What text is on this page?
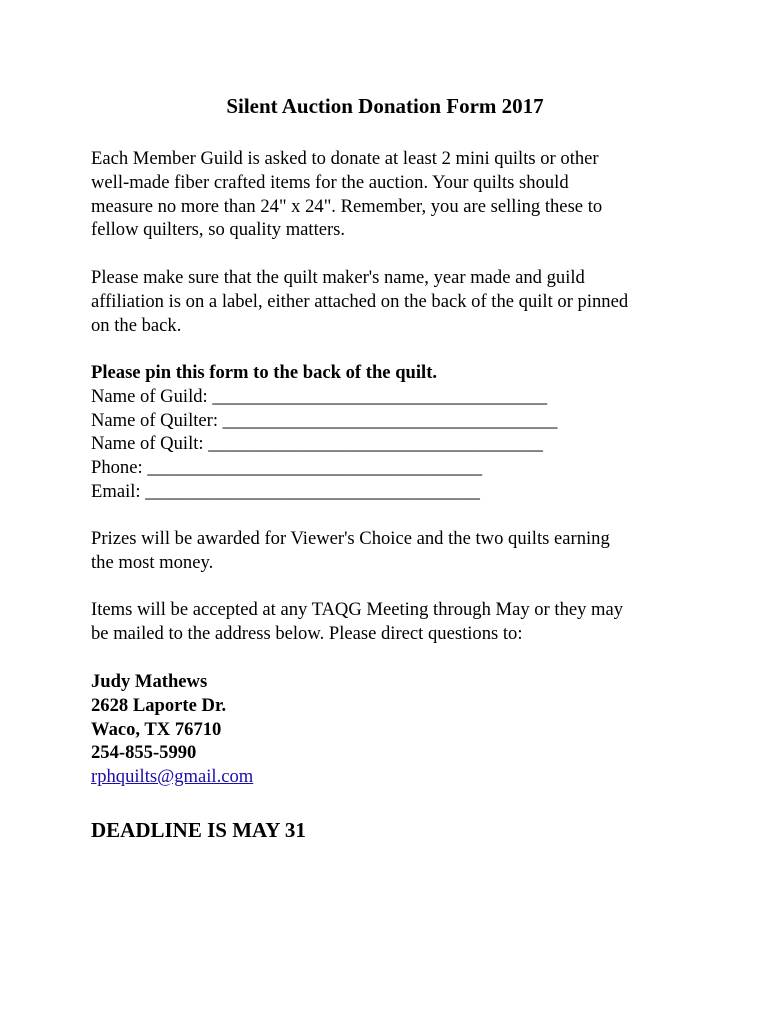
Silent Auction Donation Form 2017

Each Member Guild is asked to donate at least 2 mini quilts or other
well-made fiber crafted items for the auction. Your quilts should
measure no more than 24" x 24". Remember, you are selling these to
fellow quilters, so quality matters.

Please make sure that the quilt maker's name, year made and guild
affiliation is on a label, either attached on the back of the quilt or pinned
on the back.

Please pin this form to the back of the quilt.
Name of Guild: ____________________________________
Name of Quilter: ____________________________________
Name of Quilt: ____________________________________
Phone: ____________________________________
Email: ____________________________________

Prizes will be awarded for Viewer's Choice and the two quilts earning
the most money.

Items will be accepted at any TAQG Meeting through May or they may
be mailed to the address below. Please direct questions to:

Judy Mathews
2628 Laporte Dr.
Waco, TX 76710
254-855-5990
rphquilts@gmail.com
DEADLINE IS MAY 31
